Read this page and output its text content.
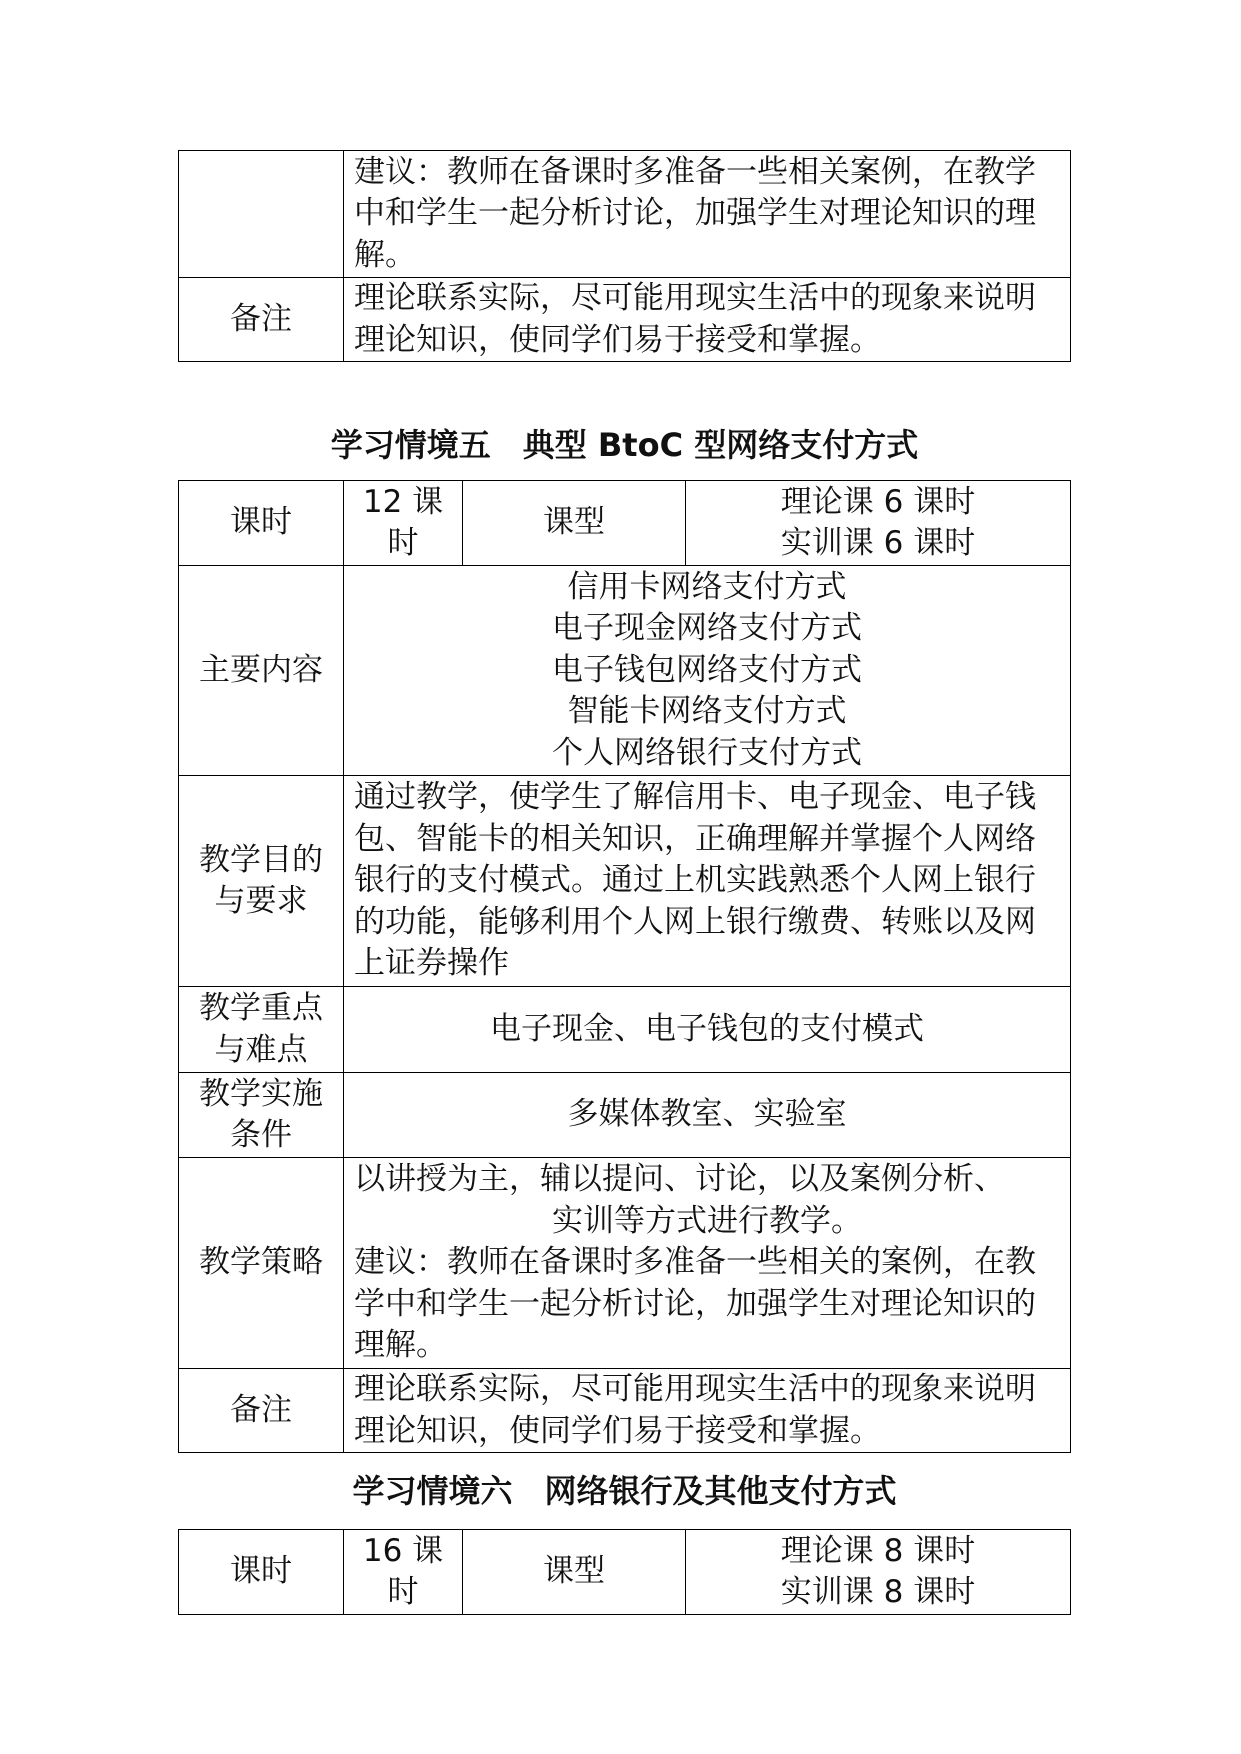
	建议：教师在备课时多准备一些相关案例，在教学中和学生一起分析讨论，加强学生对理论知识的理解。
备注	理论联系实际，尽可能用现实生活中的现象来说明理论知识，使同学们易于接受和掌握。
学习情境五　典型 BtoC 型网络支付方式
课时	12 课时	课型	理论课 6 课时
实训课 6 课时

主要内容	信用卡网络支付方式
电子现金网络支付方式
电子钱包网络支付方式
智能卡网络支付方式
个人网络银行支付方式		

教学目的与要求	通过教学，使学生了解信用卡、电子现金、电子钱包、智能卡的相关知识，正确理解并掌握个人网络银行的支付模式。通过上机实践熟悉个人网上银行的功能，能够利用个人网上银行缴费、转账以及网上证券操作		
教学重点与难点	电子现金、电子钱包的支付模式		
教学实施条件	多媒体教室、实验室		
教学策略	以讲授为主，辅以提问、讨论，以及案例分析、
实训等方式进行教学。
建议：教师在备课时多准备一些相关的案例，在教学中和学生一起分析讨论，加强学生对理论知识的理解。		

备注	理论联系实际，尽可能用现实生活中的现象来说明理论知识，使同学们易于接受和掌握。		
学习情境六　网络银行及其他支付方式
课时	16 课时	课型	
理论课 8 课时
实训课 8 课时
